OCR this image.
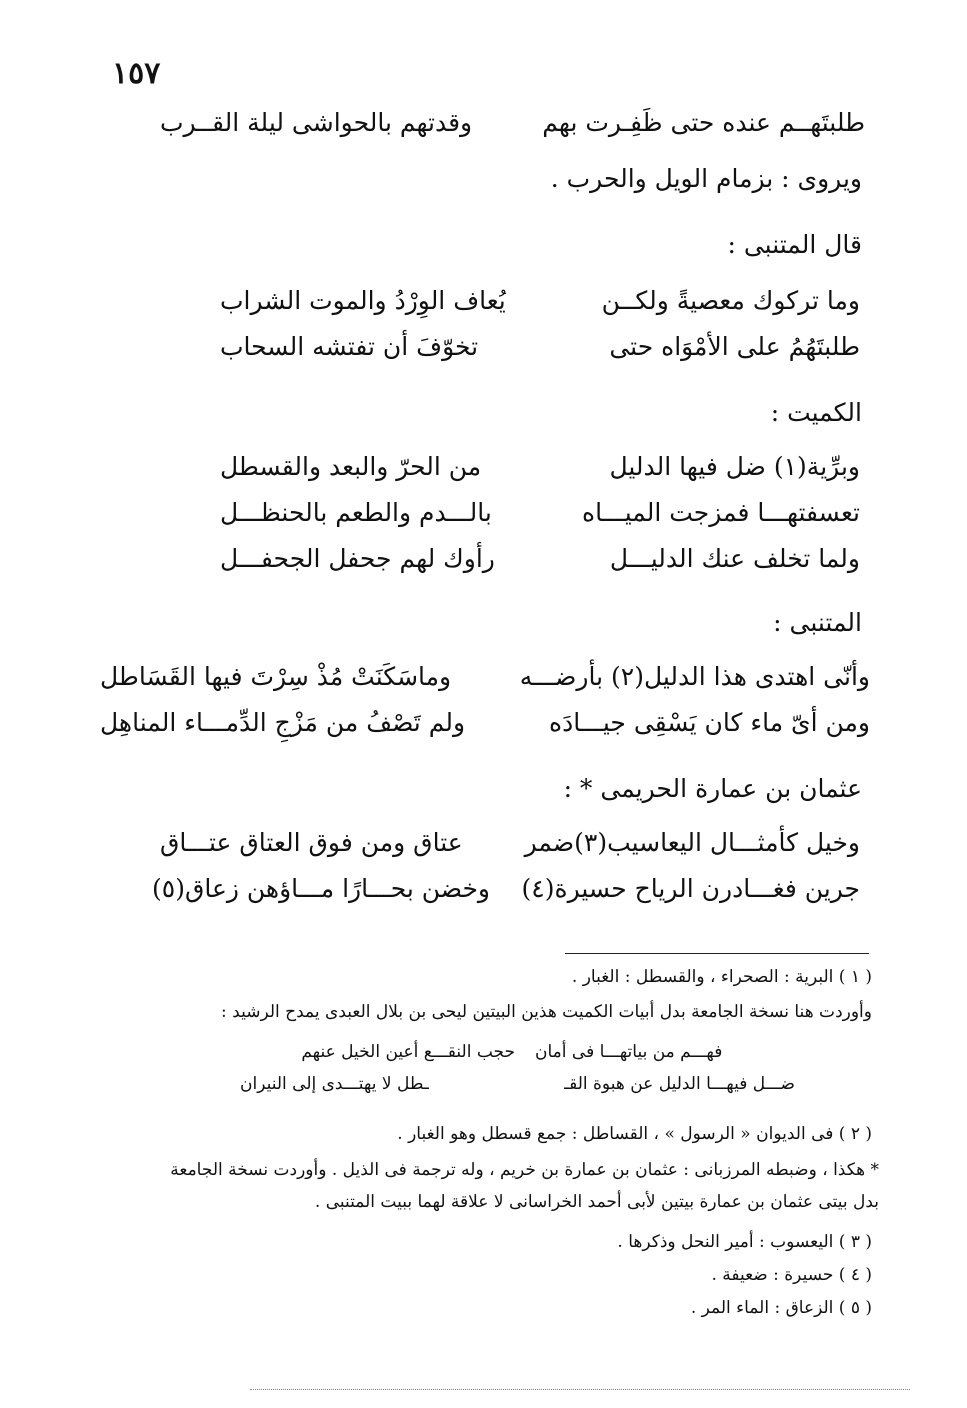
١٥٧
طلبتَهــم عنده حتى ظَفِـرت بهم
وقدتهم بالحواشى ليلة القــرب
ويروى : بزمام الويل والحرب .
قال المتنبى :
وما تركوك معصيةً ولكــن
يُعاف الوِرْدُ والموت الشراب
طلبتَهُمُ على الأمْوَاه حتى
تخوّفَ أن تفتشه السحاب
الكميت :
وبرِّية(١) ضل فيها الدليل
من الحرّ والبعد والقسطل
تعسفتهـــا فمزجت الميـــاه
بالـــدم والطعم بالحنظـــل
ولما تخلف عنك الدليـــل
رأوك لهم جحفل الجحفـــل
المتنبى :
وأنّى اهتدى هذا الدليل(٢) بأرضـــه
وماسَكَنَتْ مُذْ سِرْتَ فيها القَسَاطل
ومن أىّ ماء كان يَسْقِى جيـــادَه
ولم تَصْفُ من مَزْجِ الدِّمـــاء المناهِل
عثمان بن عمارة الحريمى * :
وخيل كأمثـــال اليعاسيب(٣)ضمر
عتاق ومن فوق العتاق عتـــاق
جرين فغـــادرن الرياح حسيرة(٤)
وخضن بحـــارًا مـــاؤهن زعاق(٥)
( ١ ) البرية : الصحراء ، والقسطل : الغبار .
وأوردت هنا نسخة الجامعة بدل أبيات الكميت هذين البيتين ليحى بن بلال العبدى يمدح الرشيد :
فهـــم من بياتهـــا فى أمان
حجب النقـــع أعين الخيل عنهم
ضـــل فيهـــا الدليل عن هبوة القـ
ـطل لا يهتـــدى إلى النيران
( ٢ ) فى الديوان « الرسول » ، القساطل : جمع قسطل وهو الغبار .
* هكذا ، وضبطه المرزبانى : عثمان بن عمارة بن خريم ، وله ترجمة فى الذيل . وأوردت نسخة الجامعة
بدل بيتى عثمان بن عمارة بيتين لأبى أحمد الخراسانى لا علاقة لهما ببيت المتنبى .
( ٣ ) اليعسوب : أمير النحل وذكرها .
( ٤ ) حسيرة : ضعيفة .
( ٥ ) الزعاق : الماء المر .
